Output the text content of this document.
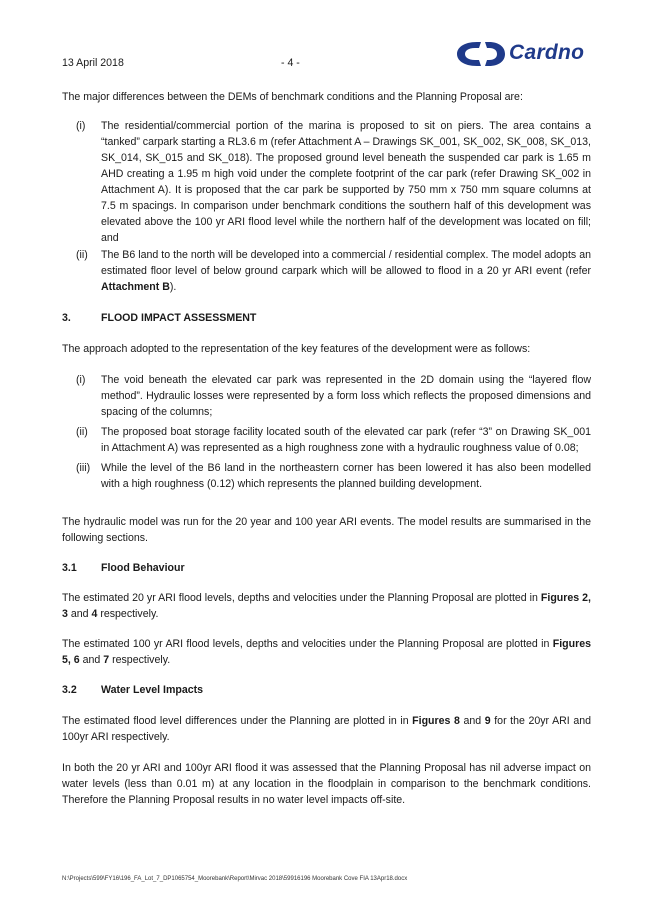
13 April 2018	- 4 -	Cardno

The major differences between the DEMs of benchmark conditions and the Planning Proposal are:

(i)	The residential/commercial portion of the marina is proposed to sit on piers. The area contains a “tanked” carpark starting a RL3.6 m (refer Attachment A – Drawings SK_001, SK_002, SK_008, SK_013, SK_014, SK_015 and SK_018). The proposed ground level beneath the suspended car park is 1.65 m AHD creating a 1.95 m high void under the complete footprint of the car park (refer Drawing SK_002 in Attachment A). It is proposed that the car park be supported by 750 mm x 750 mm square columns at 7.5 m spacings. In comparison under benchmark conditions the southern half of this development was elevated above the 100 yr ARI flood level while the northern half of the development was located on fill; and

(ii)	The B6 land to the north will be developed into a commercial / residential complex. The model adopts an estimated floor level of below ground carpark which will be allowed to flood in a 20 yr ARI event (refer Attachment B).

3.	FLOOD IMPACT ASSESSMENT

The approach adopted to the representation of the key features of the development were as follows:

(i)	The void beneath the elevated car park was represented in the 2D domain using the “layered flow method”. Hydraulic losses were represented by a form loss which reflects the proposed dimensions and spacing of the columns;

(ii)	The proposed boat storage facility located south of the elevated car park (refer “3” on Drawing SK_001 in Attachment A) was represented as a high roughness zone with a hydraulic roughness value of 0.08;

(iii)	While the level of the B6 land in the northeastern corner has been lowered it has also been modelled with a high roughness (0.12) which represents the planned building development.

The hydraulic model was run for the 20 year and 100 year ARI events. The model results are summarised in the following sections.

3.1 Flood Behaviour

The estimated 20 yr ARI flood levels, depths and velocities under the Planning Proposal are plotted in Figures 2, 3 and 4 respectively.

The estimated 100 yr ARI flood levels, depths and velocities under the Planning Proposal are plotted in Figures 5, 6 and 7 respectively.

3.2 Water Level Impacts

The estimated flood level differences under the Planning are plotted in in Figures 8 and 9 for the 20yr ARI and 100yr ARI respectively.

In both the 20 yr ARI and 100yr ARI flood it was assessed that the Planning Proposal has nil adverse impact on water levels (less than 0.01 m) at any location in the floodplain in comparison to the benchmark conditions. Therefore the Planning Proposal results in no water level impacts off-site.

N:\Projects\599\FY16\196_FA_Lot_7_DP1065754_Moorebank\Report\Mirvac 2018\59916196 Moorebank Cove FIA 13Apr18.docx
